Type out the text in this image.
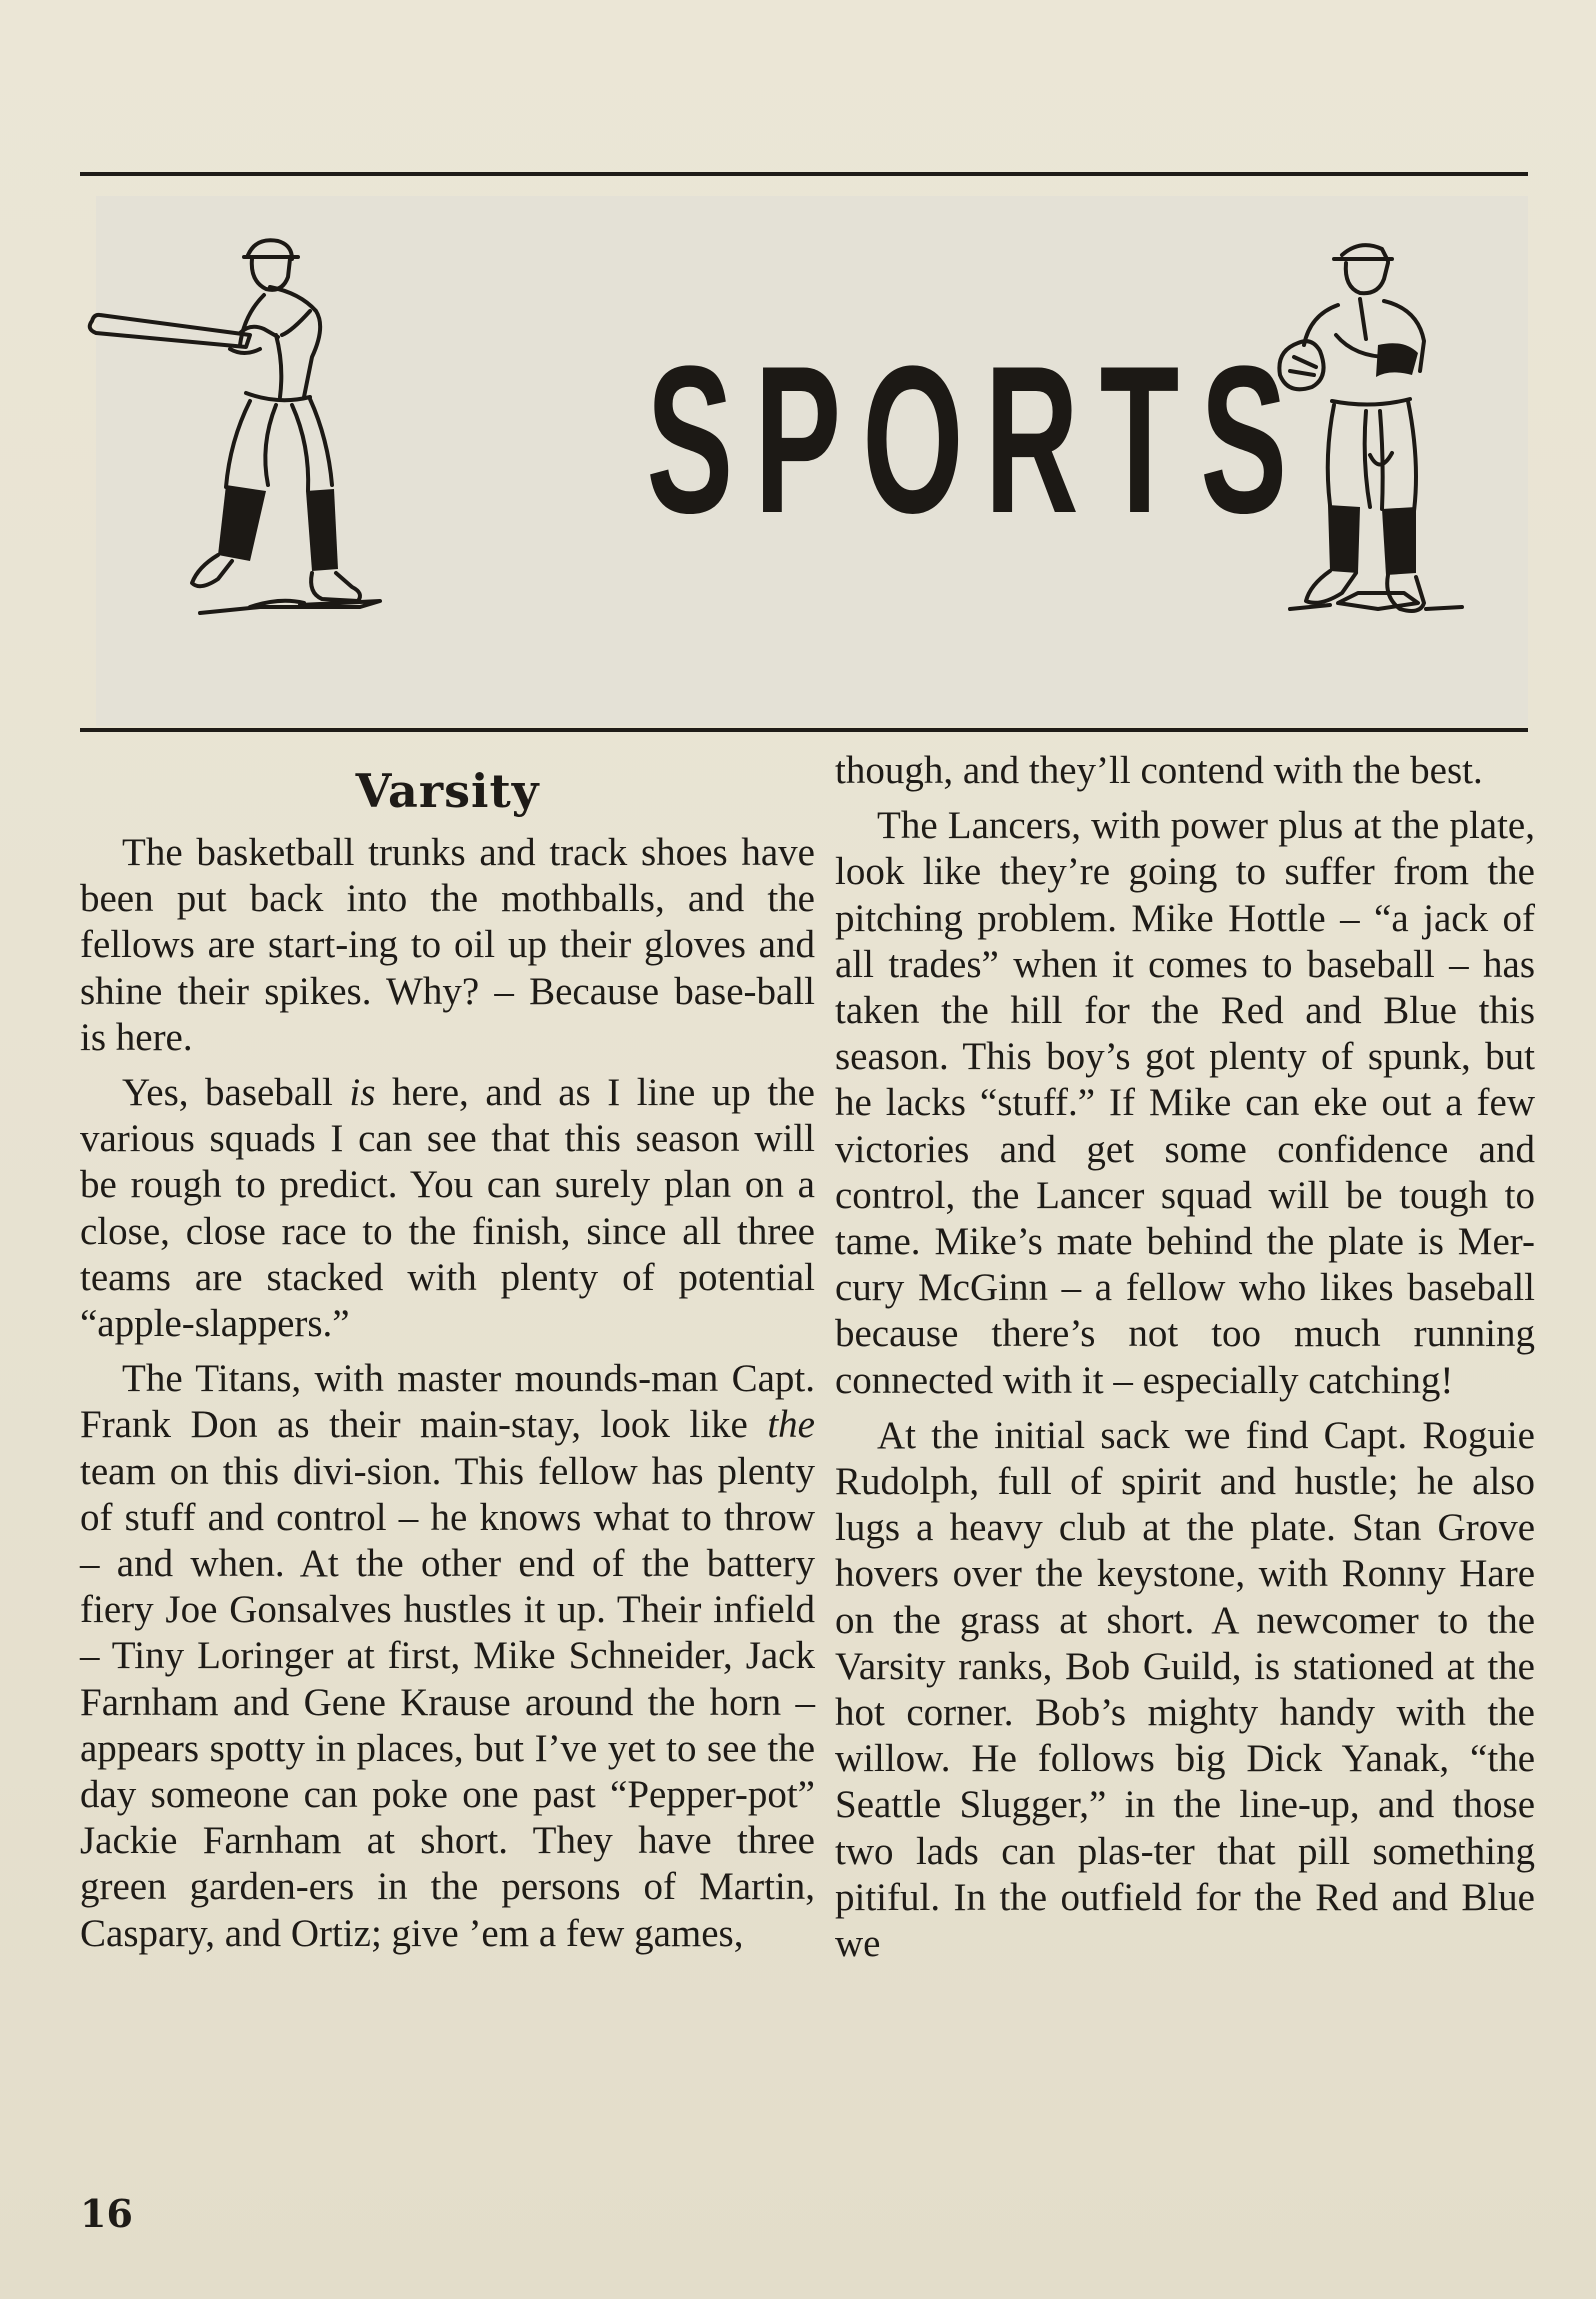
SPORTS
Varsity

The basketball trunks and track shoes have been put back into the mothballs, and the fellows are start-ing to oil up their gloves and shine their spikes. Why? – Because base-ball is here.

Yes, baseball is here, and as I line up the various squads I can see that this season will be rough to predict. You can surely plan on a close, close race to the finish, since all three teams are stacked with plenty of potential “apple-slappers.”

The Titans, with master mounds-man Capt. Frank Don as their main-stay, look like the team on this divi-sion. This fellow has plenty of stuff and control – he knows what to throw – and when. At the other end of the battery fiery Joe Gonsalves hustles it up. Their infield – Tiny Loringer at first, Mike Schneider, Jack Farnham and Gene Krause around the horn – appears spotty in places, but I’ve yet to see the day someone can poke one past “Pepper-pot” Jackie Farnham at short. They have three green garden-ers in the persons of Martin, Caspary, and Ortiz; give ’em a few games,

though, and they’ll contend with the best.

The Lancers, with power plus at the plate, look like they’re going to suffer from the pitching problem. Mike Hottle – “a jack of all trades” when it comes to baseball – has taken the hill for the Red and Blue this season. This boy’s got plenty of spunk, but he lacks “stuff.” If Mike can eke out a few victories and get some confidence and control, the Lancer squad will be tough to tame. Mike’s mate behind the plate is Mer-cury McGinn – a fellow who likes baseball because there’s not too much running connected with it – especially catching!

At the initial sack we find Capt. Roguie Rudolph, full of spirit and hustle; he also lugs a heavy club at the plate. Stan Grove hovers over the keystone, with Ronny Hare on the grass at short. A newcomer to the Varsity ranks, Bob Guild, is stationed at the hot corner. Bob’s mighty handy with the willow. He follows big Dick Yanak, “the Seattle Slugger,” in the line-up, and those two lads can plas-ter that pill something pitiful. In the outfield for the Red and Blue we

16
